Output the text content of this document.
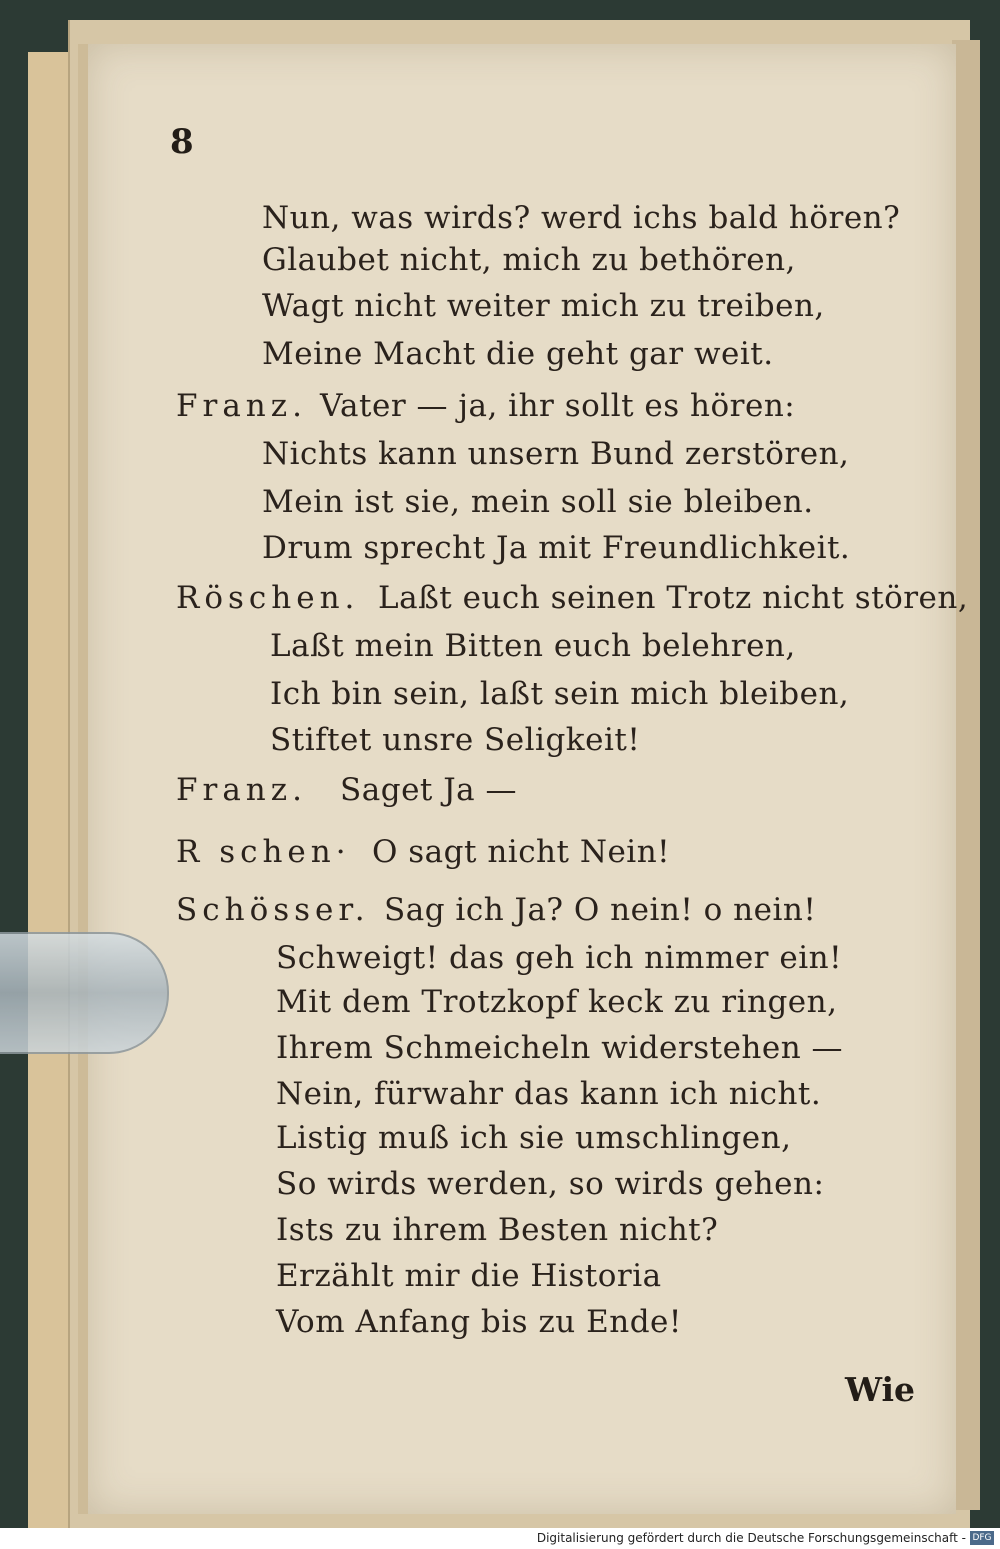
8
Nun, was wirds? werd ichs bald hören?
Glaubet nicht, mich zu bethören,
Wagt nicht weiter mich zu treiben,
Meine Macht die geht gar weit.
Franz. Vater — ja, ihr sollt es hören:
Nichts kann unsern Bund zerstören,
Mein ist sie, mein soll sie bleiben.
Drum sprecht Ja mit Freundlichkeit.
Röschen. Laßt euch seinen Trotz nicht stören,
Laßt mein Bitten euch belehren,
Ich bin sein, laßt sein mich bleiben,
Stiftet unsre Seligkeit!
Franz. Saget Ja —
R schen· O sagt nicht Nein!
Schösser. Sag ich Ja? O nein! o nein!
Schweigt! das geh ich nimmer ein!
Mit dem Trotzkopf keck zu ringen,
Ihrem Schmeicheln widerstehen —
Nein, fürwahr das kann ich nicht.
Listig muß ich sie umschlingen,
So wirds werden, so wirds gehen:
Ists zu ihrem Besten nicht?
Erzählt mir die Historia
Vom Anfang bis zu Ende!
Wie
Digitalisierung gefördert durch die Deutsche Forschungsgemeinschaft - DFG
